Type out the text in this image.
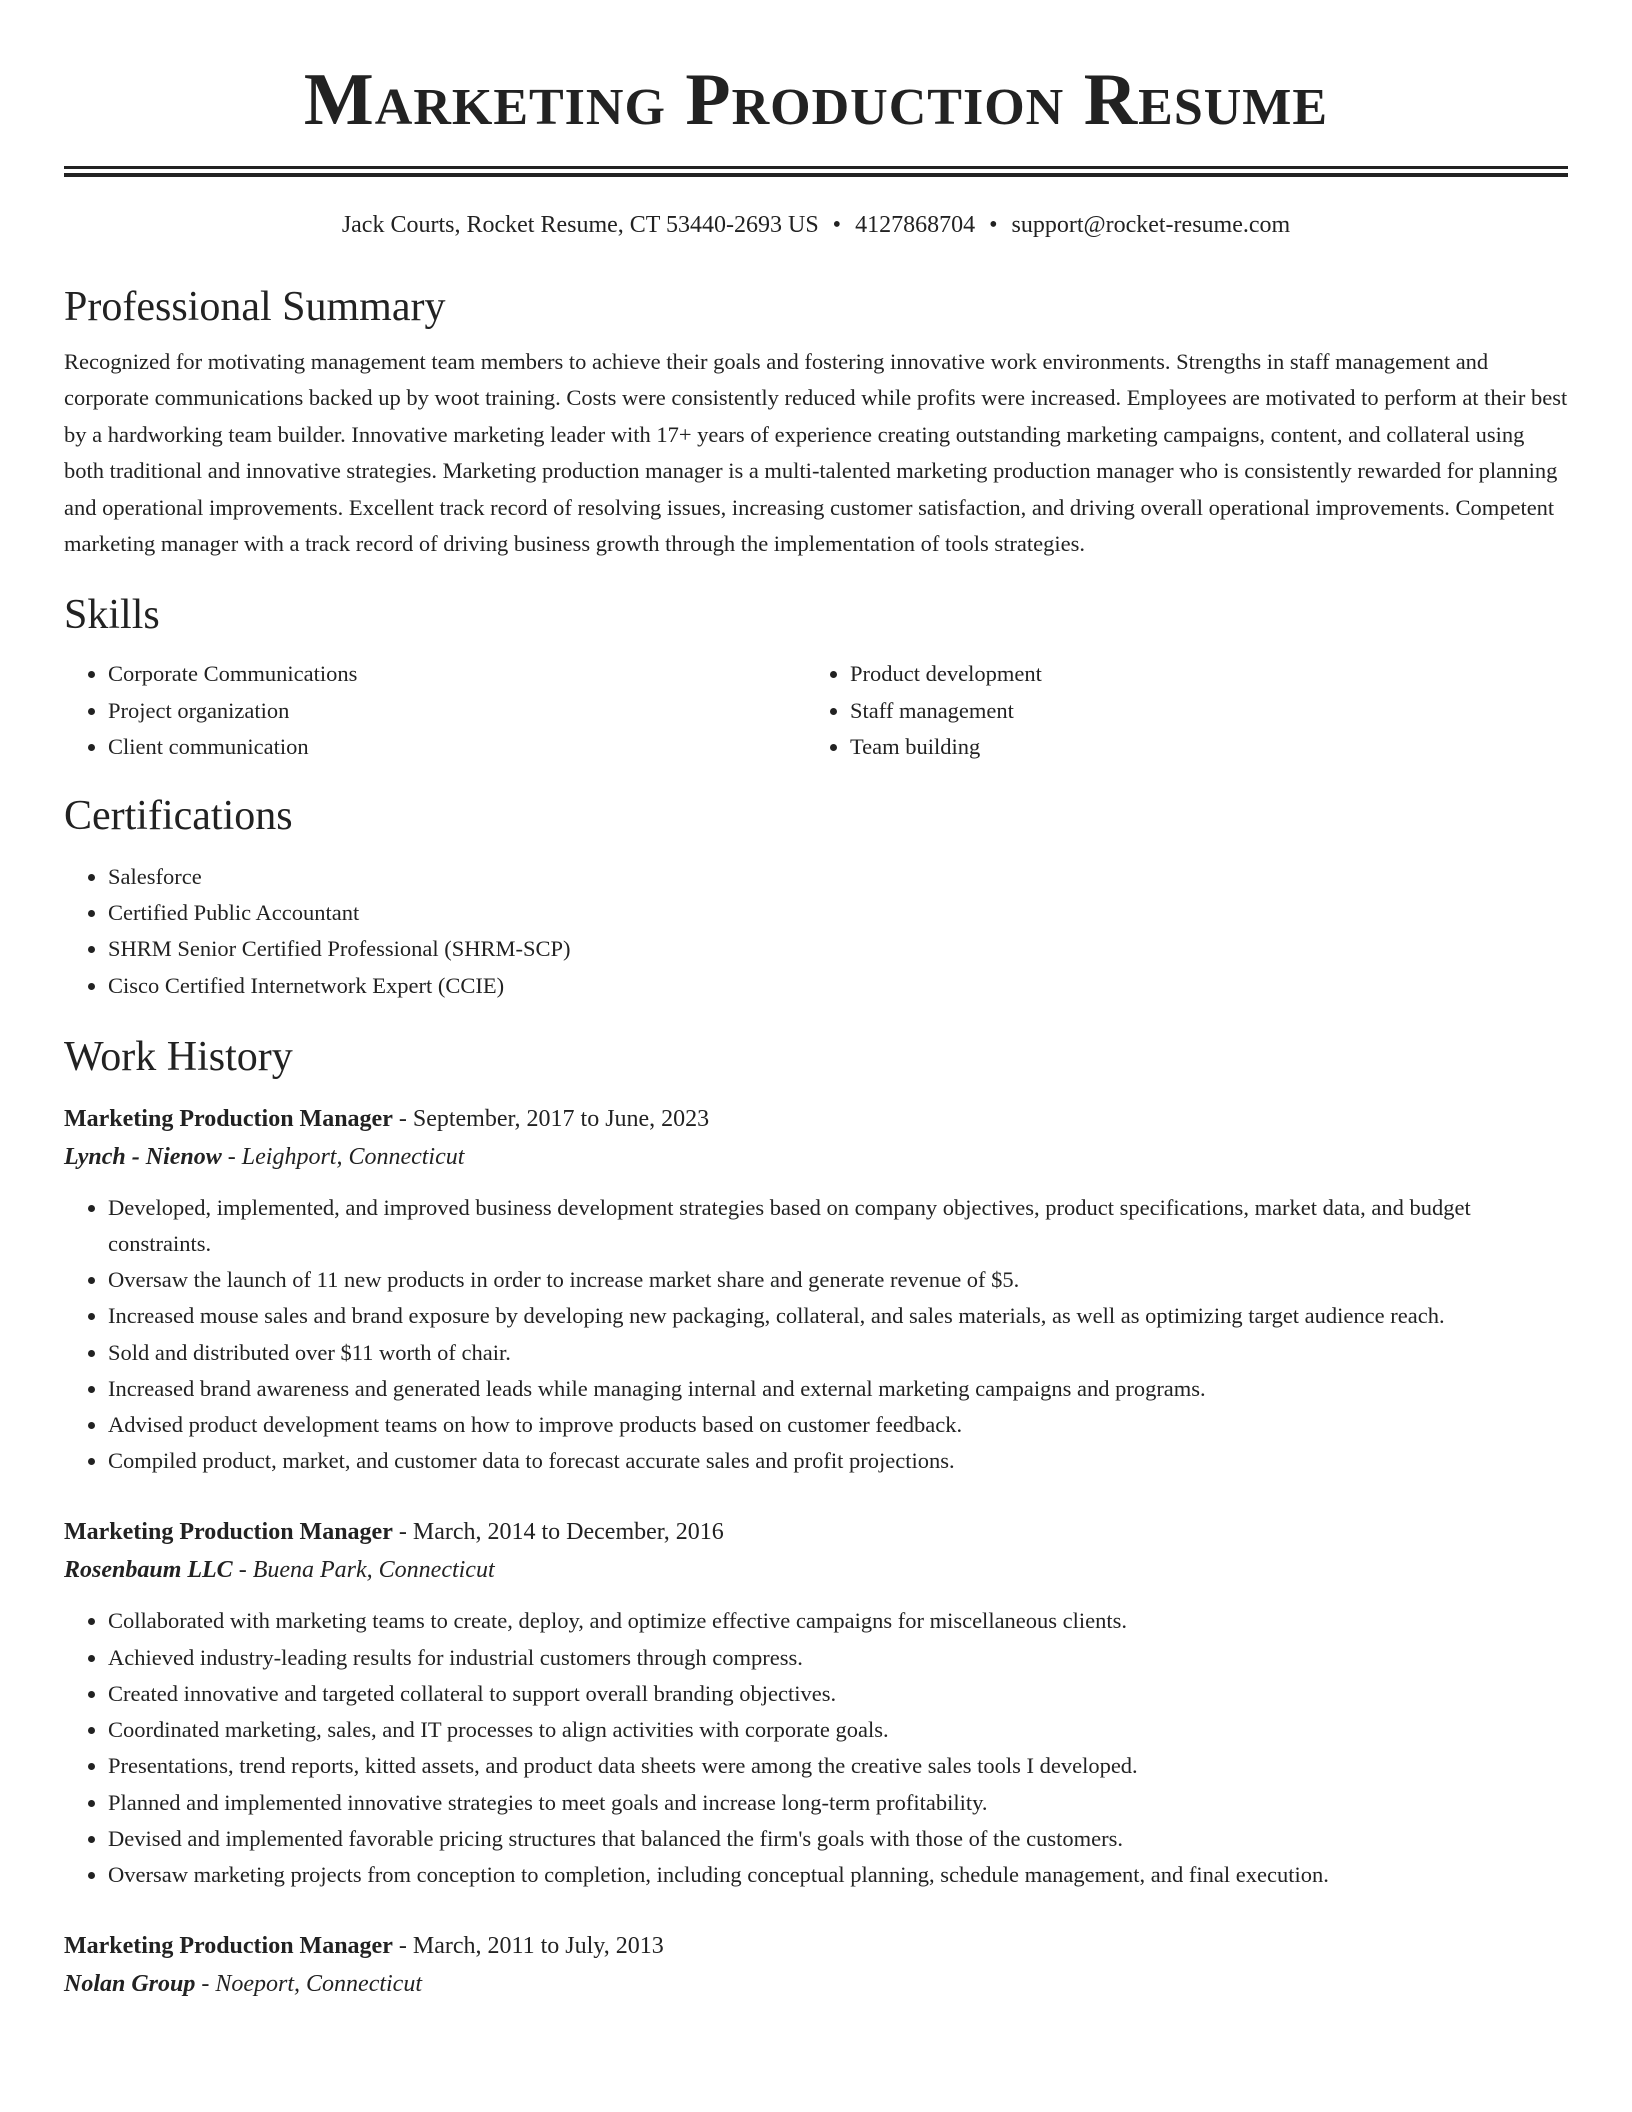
Marketing Production Resume
Jack Courts, Rocket Resume, CT 53440-2693 US • 4127868704 • support@rocket-resume.com
Professional Summary
Recognized for motivating management team members to achieve their goals and fostering innovative work environments. Strengths in staff management and corporate communications backed up by woot training. Costs were consistently reduced while profits were increased. Employees are motivated to perform at their best by a hardworking team builder. Innovative marketing leader with 17+ years of experience creating outstanding marketing campaigns, content, and collateral using both traditional and innovative strategies. Marketing production manager is a multi-talented marketing production manager who is consistently rewarded for planning and operational improvements. Excellent track record of resolving issues, increasing customer satisfaction, and driving overall operational improvements. Competent marketing manager with a track record of driving business growth through the implementation of tools strategies.
Skills
• Corporate Communications
• Project organization
• Client communication
• Product development
• Staff management
• Team building
Certifications
• Salesforce
• Certified Public Accountant
• SHRM Senior Certified Professional (SHRM-SCP)
• Cisco Certified Internetwork Expert (CCIE)
Work History
Marketing Production Manager - September, 2017 to June, 2023
Lynch - Nienow - Leighport, Connecticut
• Developed, implemented, and improved business development strategies based on company objectives, product specifications, market data, and budget constraints.
• Oversaw the launch of 11 new products in order to increase market share and generate revenue of $5.
• Increased mouse sales and brand exposure by developing new packaging, collateral, and sales materials, as well as optimizing target audience reach.
• Sold and distributed over $11 worth of chair.
• Increased brand awareness and generated leads while managing internal and external marketing campaigns and programs.
• Advised product development teams on how to improve products based on customer feedback.
• Compiled product, market, and customer data to forecast accurate sales and profit projections.
Marketing Production Manager - March, 2014 to December, 2016
Rosenbaum LLC - Buena Park, Connecticut
• Collaborated with marketing teams to create, deploy, and optimize effective campaigns for miscellaneous clients.
• Achieved industry-leading results for industrial customers through compress.
• Created innovative and targeted collateral to support overall branding objectives.
• Coordinated marketing, sales, and IT processes to align activities with corporate goals.
• Presentations, trend reports, kitted assets, and product data sheets were among the creative sales tools I developed.
• Planned and implemented innovative strategies to meet goals and increase long-term profitability.
• Devised and implemented favorable pricing structures that balanced the firm's goals with those of the customers.
• Oversaw marketing projects from conception to completion, including conceptual planning, schedule management, and final execution.
Marketing Production Manager - March, 2011 to July, 2013
Nolan Group - Noeport, Connecticut
